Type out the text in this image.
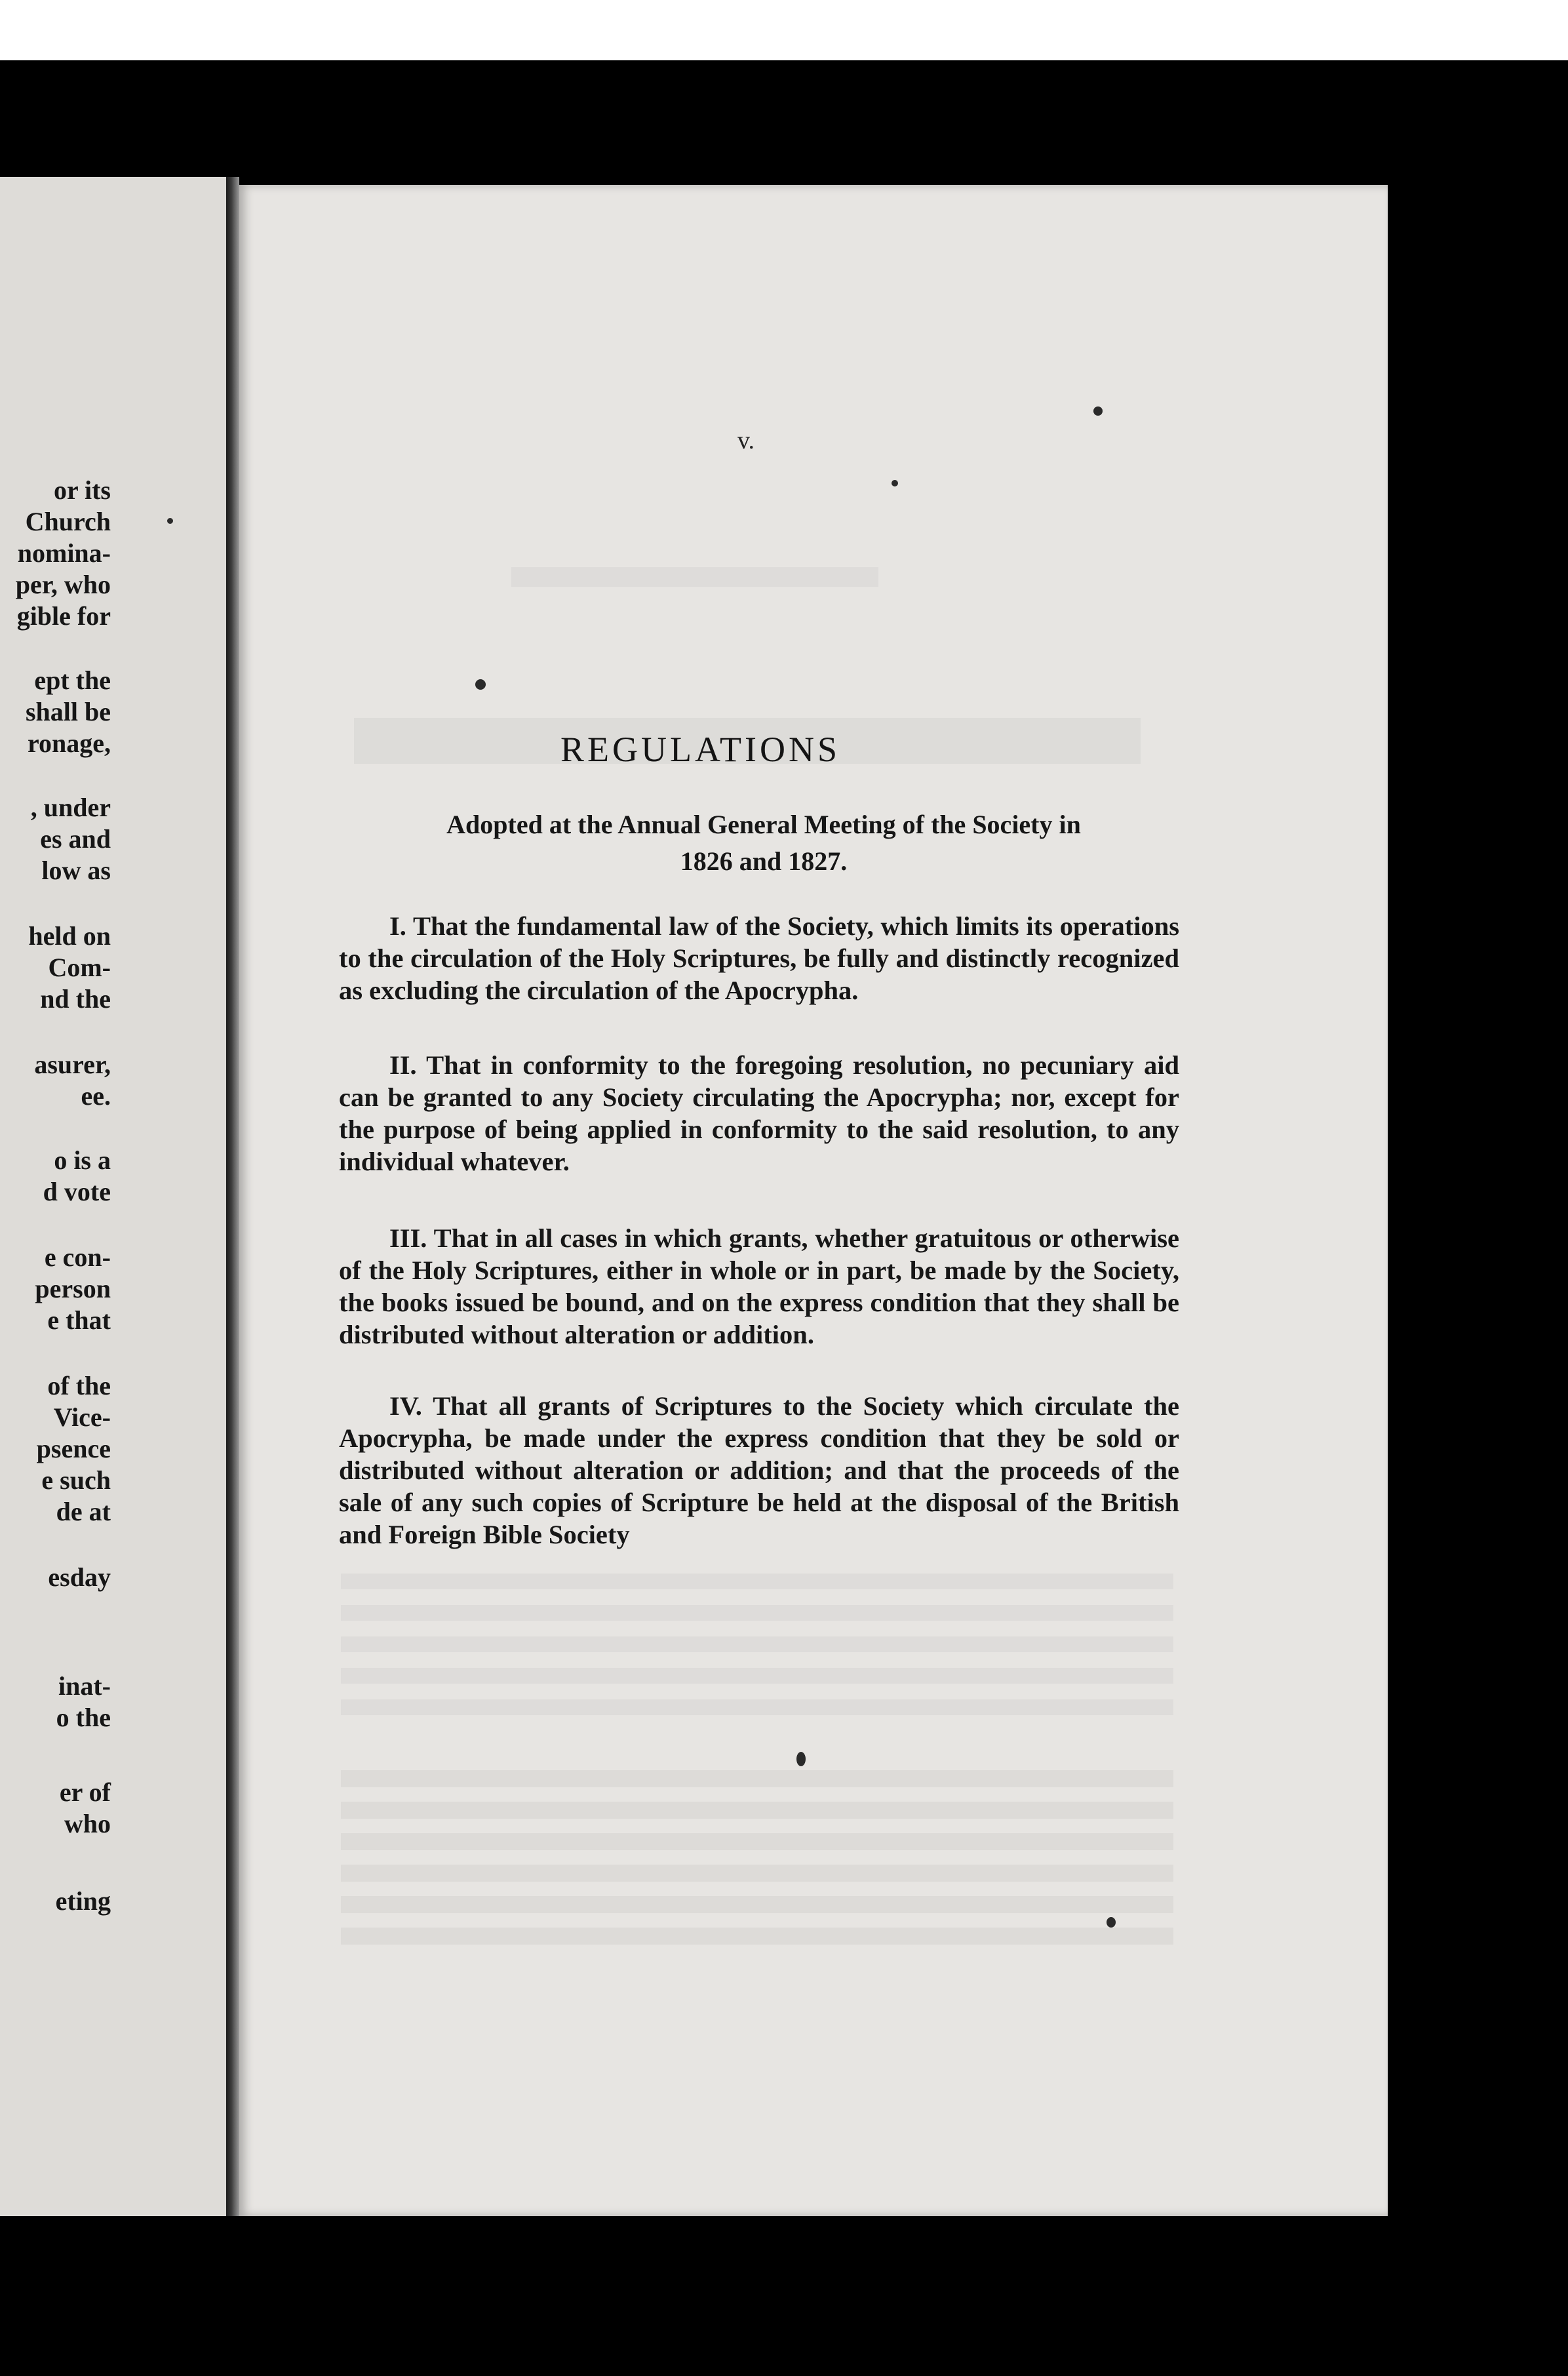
or its
Church
nomina-
per, who
gible for
ept the
shall be
ronage,
, under
es and
low as
held on
Com-
nd the
asurer,
ee.
o is a
d vote
e con-
person
e that
of the
Vice-
psence
e such
de at
esday
inat-
o the
er of
who
eting
v.
REGULATIONS
Adopted at the Annual General Meeting of the Society in
1826 and 1827.
I. That the fundamental law of the Society, which limits its operations to the circulation of the Holy Scriptures, be fully and distinctly recognized as excluding the circulation of the Apocrypha.
II. That in conformity to the foregoing resolution, no pecuniary aid can be granted to any Society circulating the Apocrypha; nor, except for the purpose of being applied in conformity to the said resolution, to any individual whatever.
III. That in all cases in which grants, whether gratuitous or otherwise of the Holy Scriptures, either in whole or in part, be made by the Society, the books issued be bound, and on the express condition that they shall be distributed without alteration or addition.
IV. That all grants of Scriptures to the Society which circulate the Apocrypha, be made under the express condition that they be sold or distributed without alteration or addition; and that the proceeds of the sale of any such copies of Scripture be held at the disposal of the British and Foreign Bible Society
